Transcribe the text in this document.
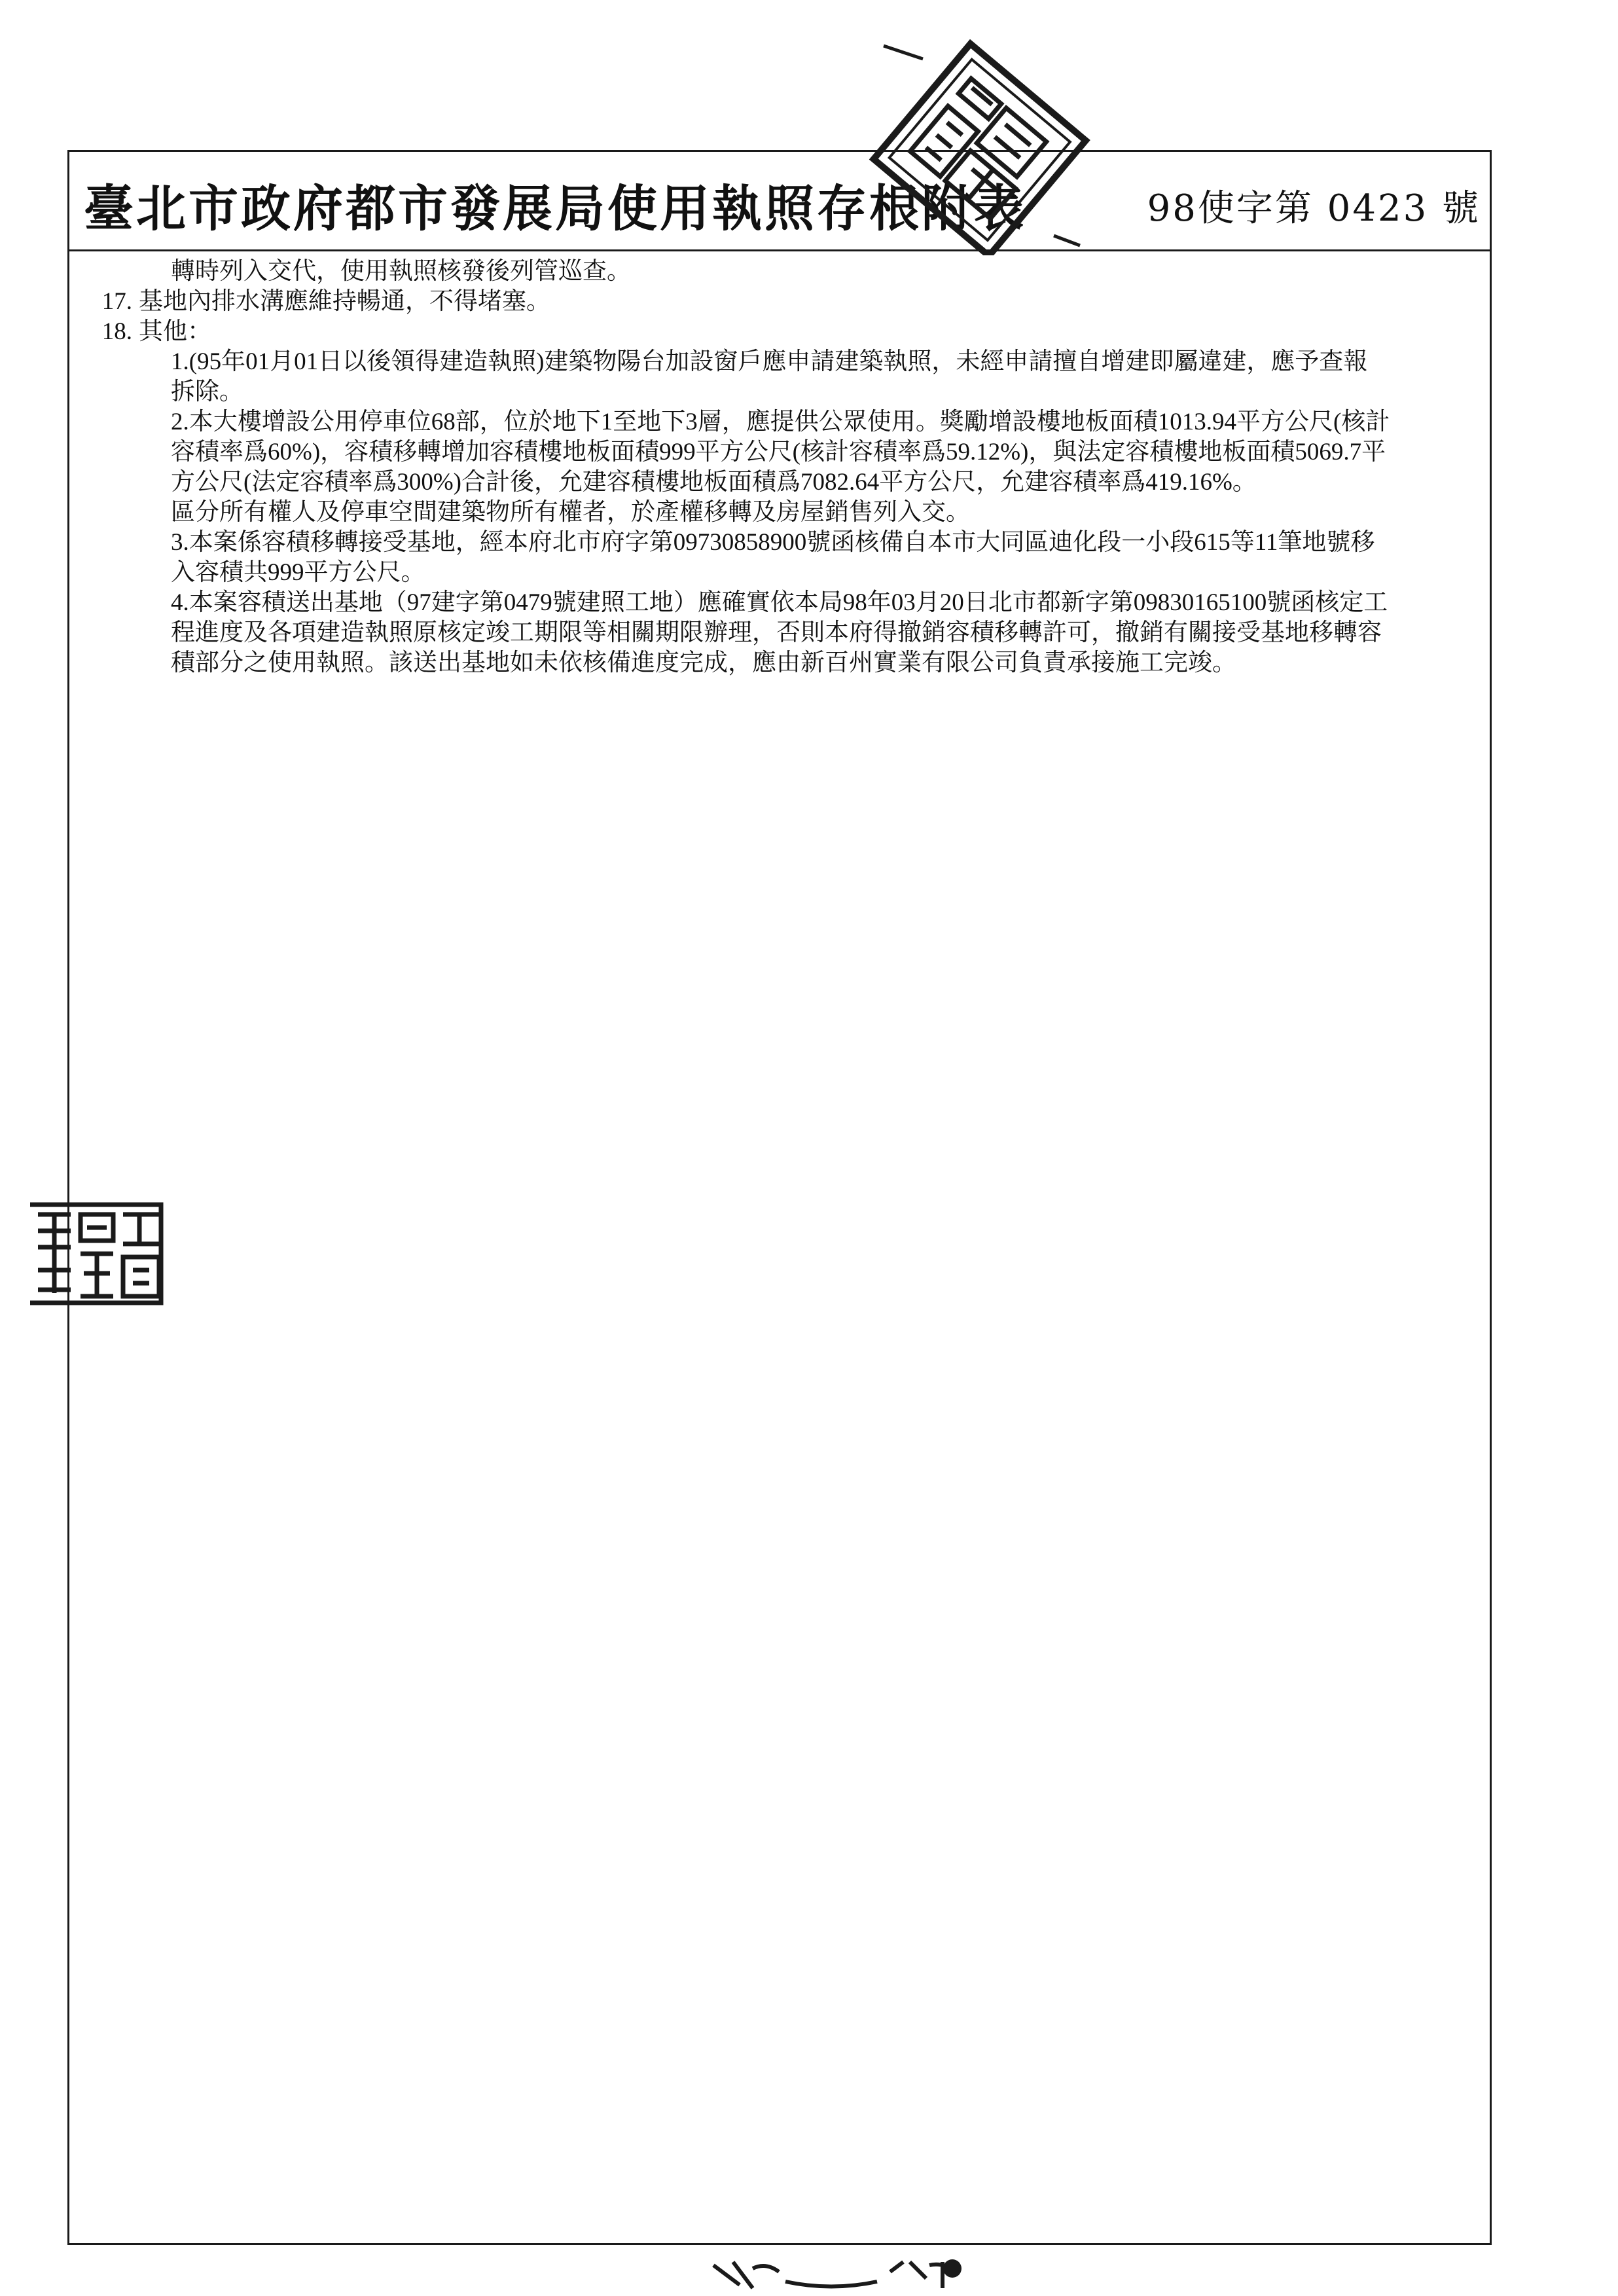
臺北市政府都市發展局使用執照存根附表	98使字第 0423 號
轉時列入交代，使用執照核發後列管巡查。
17. 基地內排水溝應維持暢通，不得堵塞。
18. 其他：
1.(95年01月01日以後領得建造執照)建築物陽台加設窗戶應申請建築執照，未經申請擅自增建即屬違建，應予查報
拆除。
2.本大樓增設公用停車位68部，位於地下1至地下3層，應提供公眾使用。獎勵增設樓地板面積1013.94平方公尺(核計
容積率爲60%)，容積移轉增加容積樓地板面積999平方公尺(核計容積率爲59.12%)，與法定容積樓地板面積5069.7平
方公尺(法定容積率爲300%)合計後，允建容積樓地板面積爲7082.64平方公尺，允建容積率爲419.16%。
區分所有權人及停車空間建築物所有權者，於產權移轉及房屋銷售列入交。
3.本案係容積移轉接受基地，經本府北市府字第09730858900號函核備自本市大同區迪化段一小段615等11筆地號移
入容積共999平方公尺。
4.本案容積送出基地（97建字第0479號建照工地）應確實依本局98年03月20日北市都新字第09830165100號函核定工
程進度及各項建造執照原核定竣工期限等相關期限辦理，否則本府得撤銷容積移轉許可，撤銷有關接受基地移轉容
積部分之使用執照。該送出基地如未依核備進度完成，應由新百州實業有限公司負責承接施工完竣。
